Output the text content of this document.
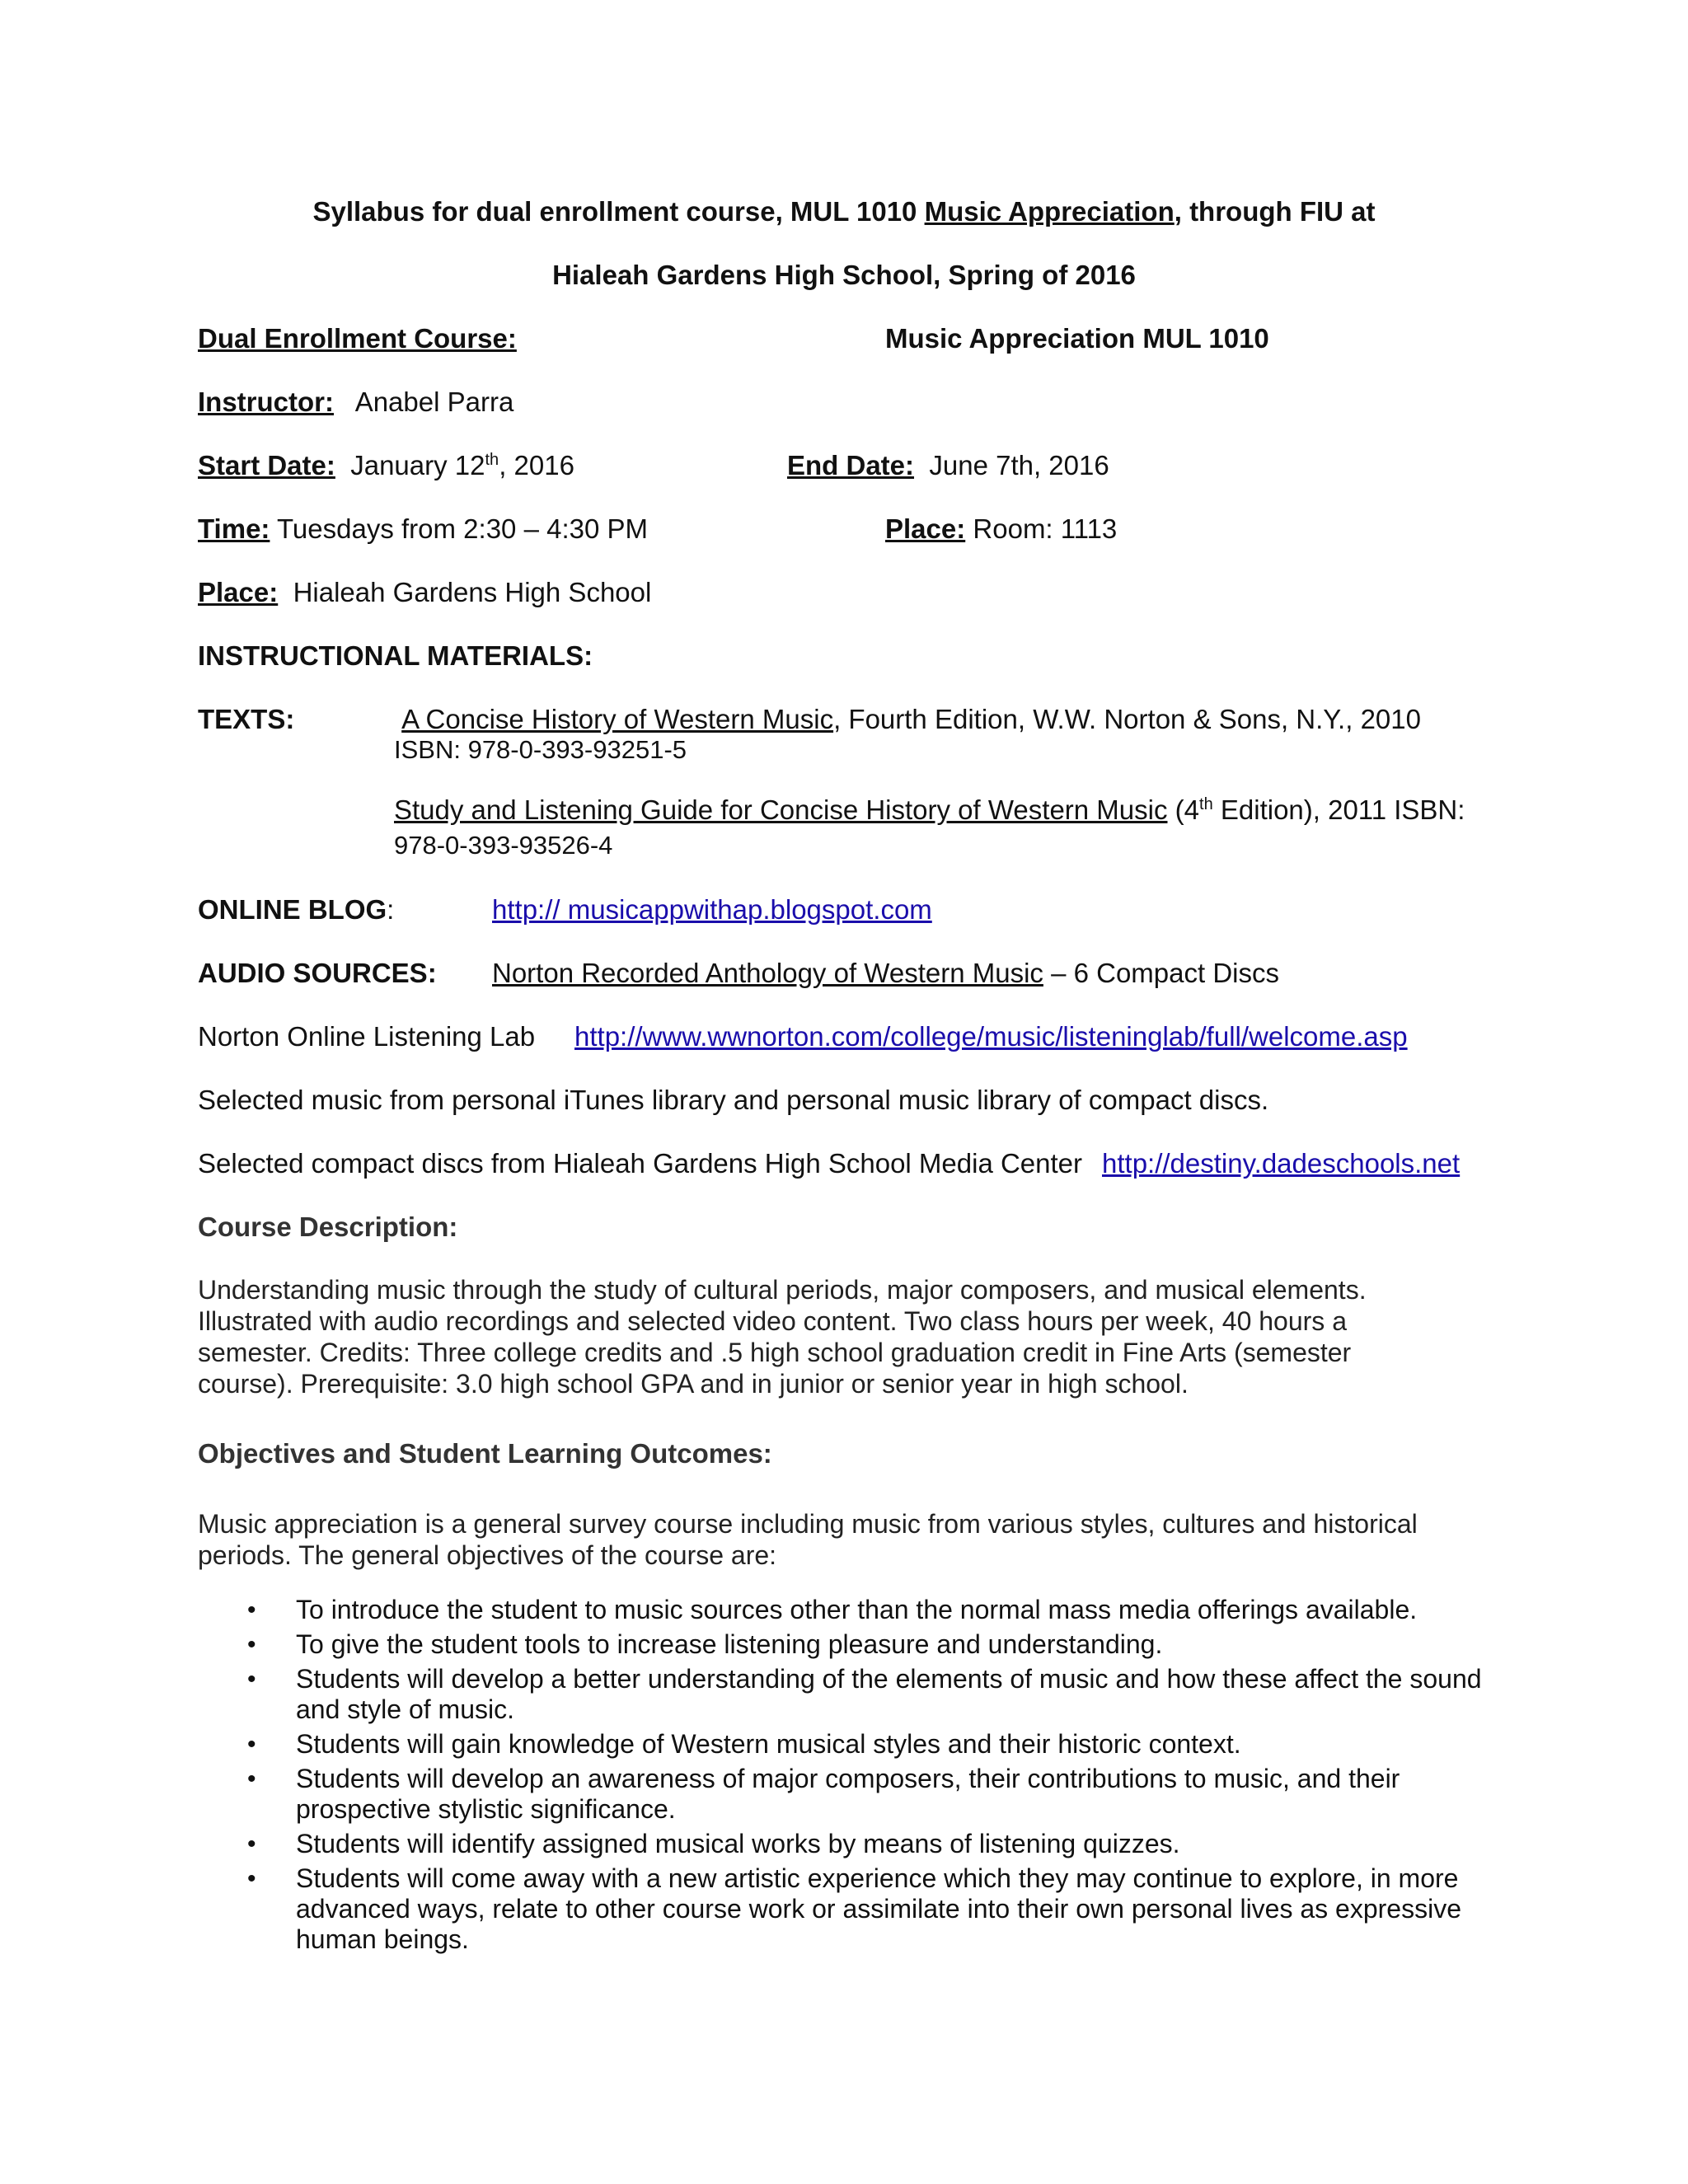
Syllabus for dual enrollment course, MUL 1010 Music Appreciation, through FIU at
Hialeah Gardens High School, Spring of 2016
Dual Enrollment Course:	Music Appreciation MUL 1010
Instructor: Anabel Parra
Start Date: January 12th, 2016	End Date: June 7th, 2016
Time: Tuesdays from 2:30 – 4:30 PM	Place: Room: 1113
Place: Hialeah Gardens High School
INSTRUCTIONAL MATERIALS:
TEXTS:	A Concise History of Western Music, Fourth Edition, W.W. Norton & Sons, N.Y., 2010
ISBN: 978-0-393-93251-5
Study and Listening Guide for Concise History of Western Music (4th Edition), 2011 ISBN:
978-0-393-93526-4
ONLINE BLOG:	http:// musicappwithap.blogspot.com
AUDIO SOURCES: Norton Recorded Anthology of Western Music – 6 Compact Discs
Norton Online Listening Lab http://www.wwnorton.com/college/music/listeninglab/full/welcome.asp
Selected music from personal iTunes library and personal music library of compact discs.
Selected compact discs from Hialeah Gardens High School Media Center http://destiny.dadeschools.net
Course Description:
Understanding music through the study of cultural periods, major composers, and musical elements.
Illustrated with audio recordings and selected video content. Two class hours per week, 40 hours a
semester. Credits: Three college credits and .5 high school graduation credit in Fine Arts (semester
course). Prerequisite: 3.0 high school GPA and in junior or senior year in high school.
Objectives and Student Learning Outcomes:
Music appreciation is a general survey course including music from various styles, cultures and historical
periods. The general objectives of the course are:
• To introduce the student to music sources other than the normal mass media offerings available.
• To give the student tools to increase listening pleasure and understanding.
• Students will develop a better understanding of the elements of music and how these affect the sound and style of music.
• Students will gain knowledge of Western musical styles and their historic context.
• Students will develop an awareness of major composers, their contributions to music, and their prospective stylistic significance.
• Students will identify assigned musical works by means of listening quizzes.
• Students will come away with a new artistic experience which they may continue to explore, in more advanced ways, relate to other course work or assimilate into their own personal lives as expressive human beings.
